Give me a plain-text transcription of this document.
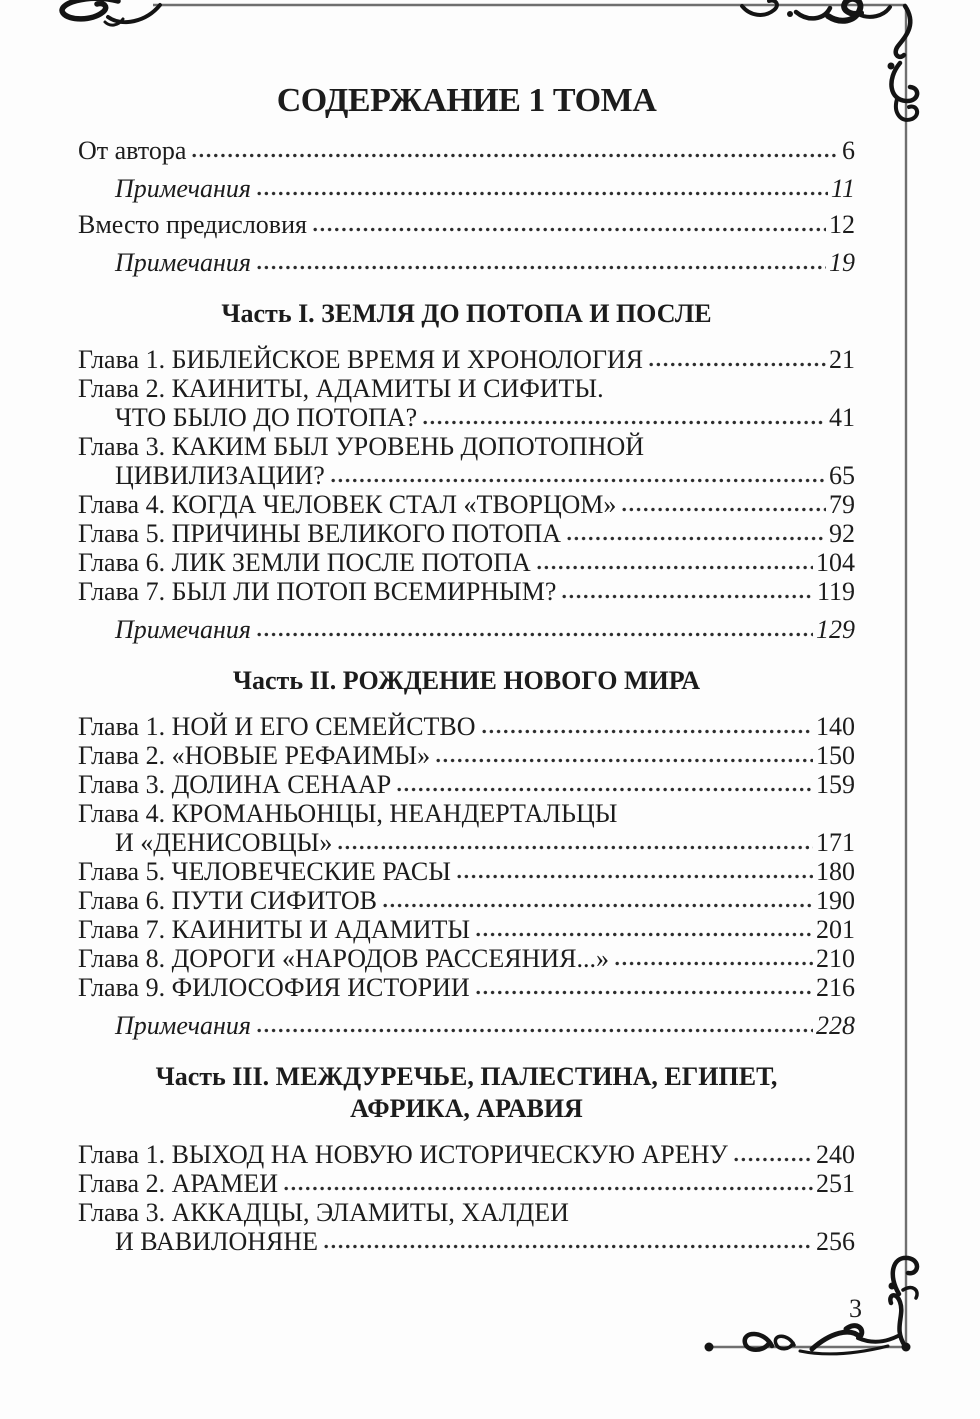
СОДЕРЖАНИЕ 1 ТОМА
От автора	6
Примечания	11
Вместо предисловия	12
Примечания	19
Часть I. ЗЕМЛЯ ДО ПОТОПА И ПОСЛЕ
Глава 1. БИБЛЕЙСКОЕ ВРЕМЯ И ХРОНОЛОГИЯ	21
Глава 2. КАИНИТЫ, АДАМИТЫ И СИФИТЫ.
ЧТО БЫЛО ДО ПОТОПА?	41
Глава 3. КАКИМ БЫЛ УРОВЕНЬ ДОПОТОПНОЙ
ЦИВИЛИЗАЦИИ?	65
Глава 4. КОГДА ЧЕЛОВЕК СТАЛ «ТВОРЦОМ»	79
Глава 5. ПРИЧИНЫ ВЕЛИКОГО ПОТОПА	92
Глава 6. ЛИК ЗЕМЛИ ПОСЛЕ ПОТОПА	104
Глава 7. БЫЛ ЛИ ПОТОП ВСЕМИРНЫМ?	119
Примечания	129
Часть II. РОЖДЕНИЕ НОВОГО МИРА
Глава 1. НОЙ И ЕГО СЕМЕЙСТВО	140
Глава 2. «НОВЫЕ РЕФАИМЫ»	150
Глава 3. ДОЛИНА СЕНААР	159
Глава 4. КРОМАНЬОНЦЫ, НЕАНДЕРТАЛЬЦЫ
И «ДЕНИСОВЦЫ»	171
Глава 5. ЧЕЛОВЕЧЕСКИЕ РАСЫ	180
Глава 6. ПУТИ СИФИТОВ	190
Глава 7. КАИНИТЫ И АДАМИТЫ	201
Глава 8. ДОРОГИ «НАРОДОВ РАССЕЯНИЯ...»	210
Глава 9. ФИЛОСОФИЯ ИСТОРИИ	216
Примечания	228
Часть III. МЕЖДУРЕЧЬЕ, ПАЛЕСТИНА, ЕГИПЕТ,
АФРИКА, АРАВИЯ
Глава 1. ВЫХОД НА НОВУЮ ИСТОРИЧЕСКУЮ АРЕНУ	240
Глава 2. АРАМЕИ	251
Глава 3. АККАДЦЫ, ЭЛАМИТЫ, ХАЛДЕИ
И ВАВИЛОНЯНЕ	256
3
